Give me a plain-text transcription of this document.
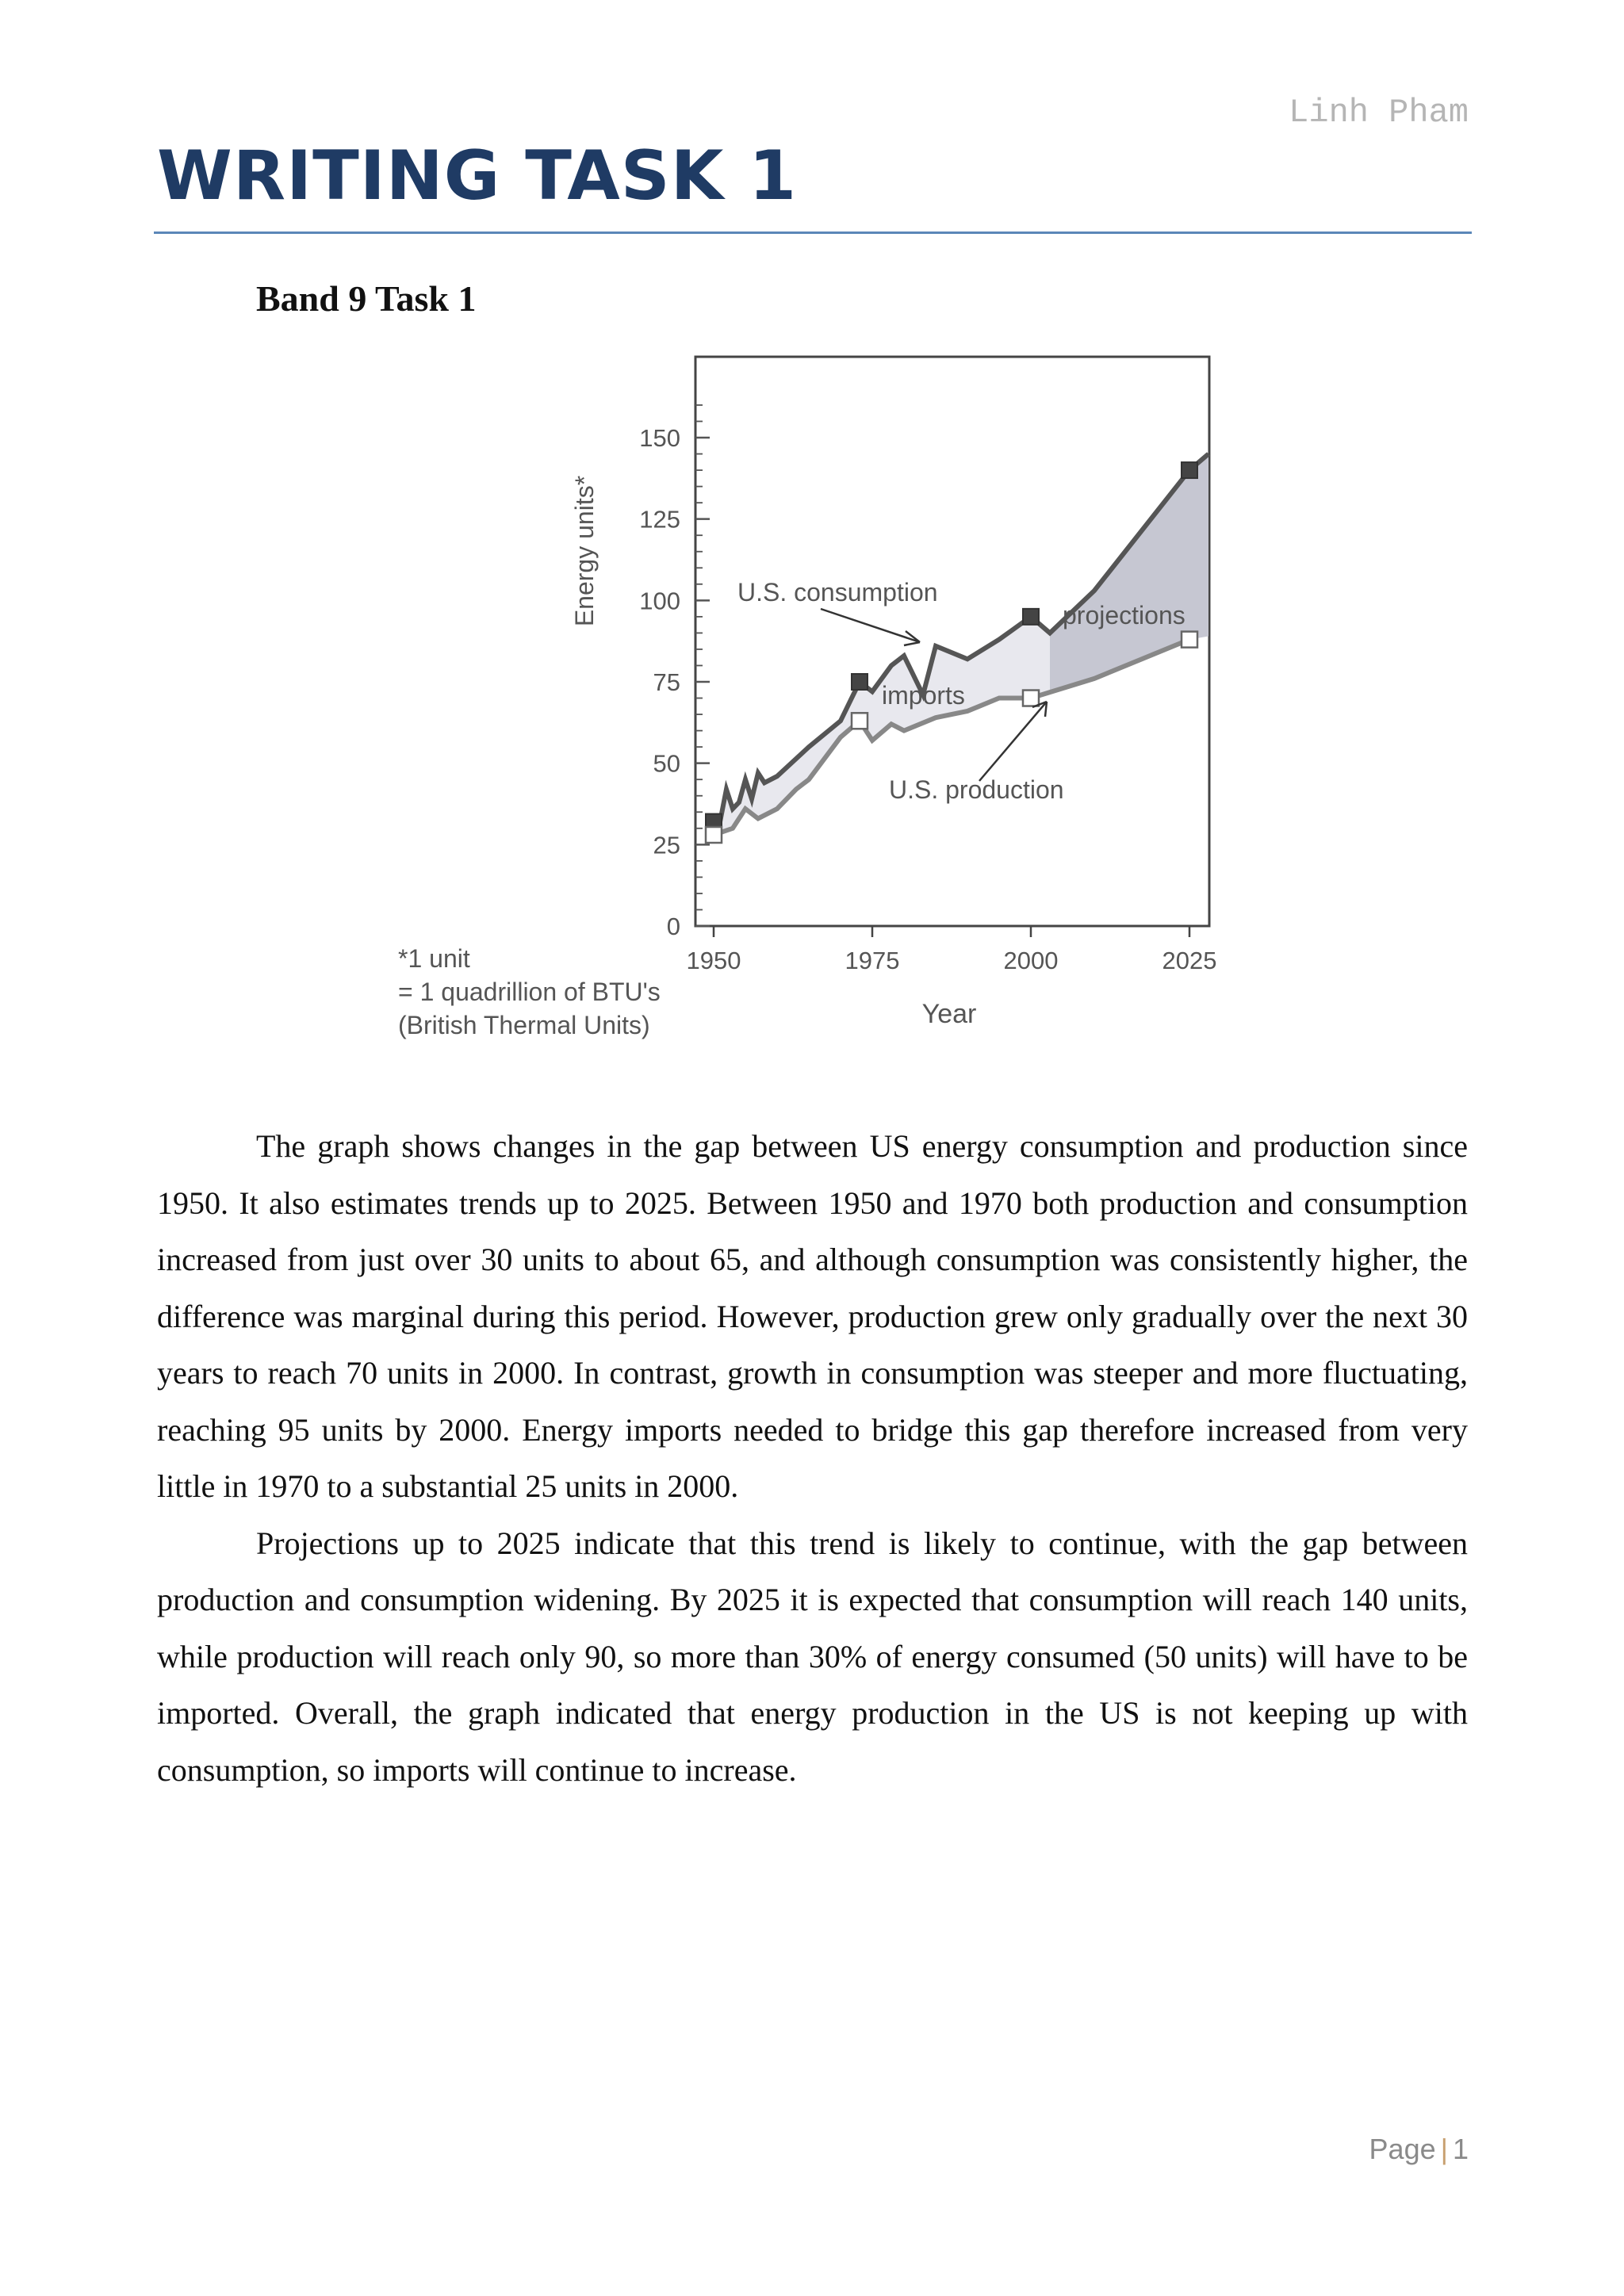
Linh Pham
WRITING TASK 1
Band 9 Task 1
0
25
50
75
100
125
150
1950	1975	2000	2025
Energy units*
Year
*1 unit
= 1 quadrillion of BTU's
(British Thermal Units)
U.S. consumption
imports
projections
U.S. production

The graph shows changes in the gap between US energy consumption and production since 1950. It also estimates trends up to 2025. Between 1950 and 1970 both production and consumption increased from just over 30 units to about 65, and although consumption was consistently higher, the difference was marginal during this period. However, production grew only gradually over the next 30 years to reach 70 units in 2000. In contrast, growth in consumption was steeper and more fluctuating, reaching 95 units by 2000. Energy imports needed to bridge this gap therefore increased from very little in 1970 to a substantial 25 units in 2000.

Projections up to 2025 indicate that this trend is likely to continue, with the gap between production and consumption widening. By 2025 it is expected that consumption will reach 140 units, while production will reach only 90, so more than 30% of energy consumed (50 units) will have to be imported. Overall, the graph indicated that energy production in the US is not keeping up with consumption, so imports will continue to increase.

Page | 1
